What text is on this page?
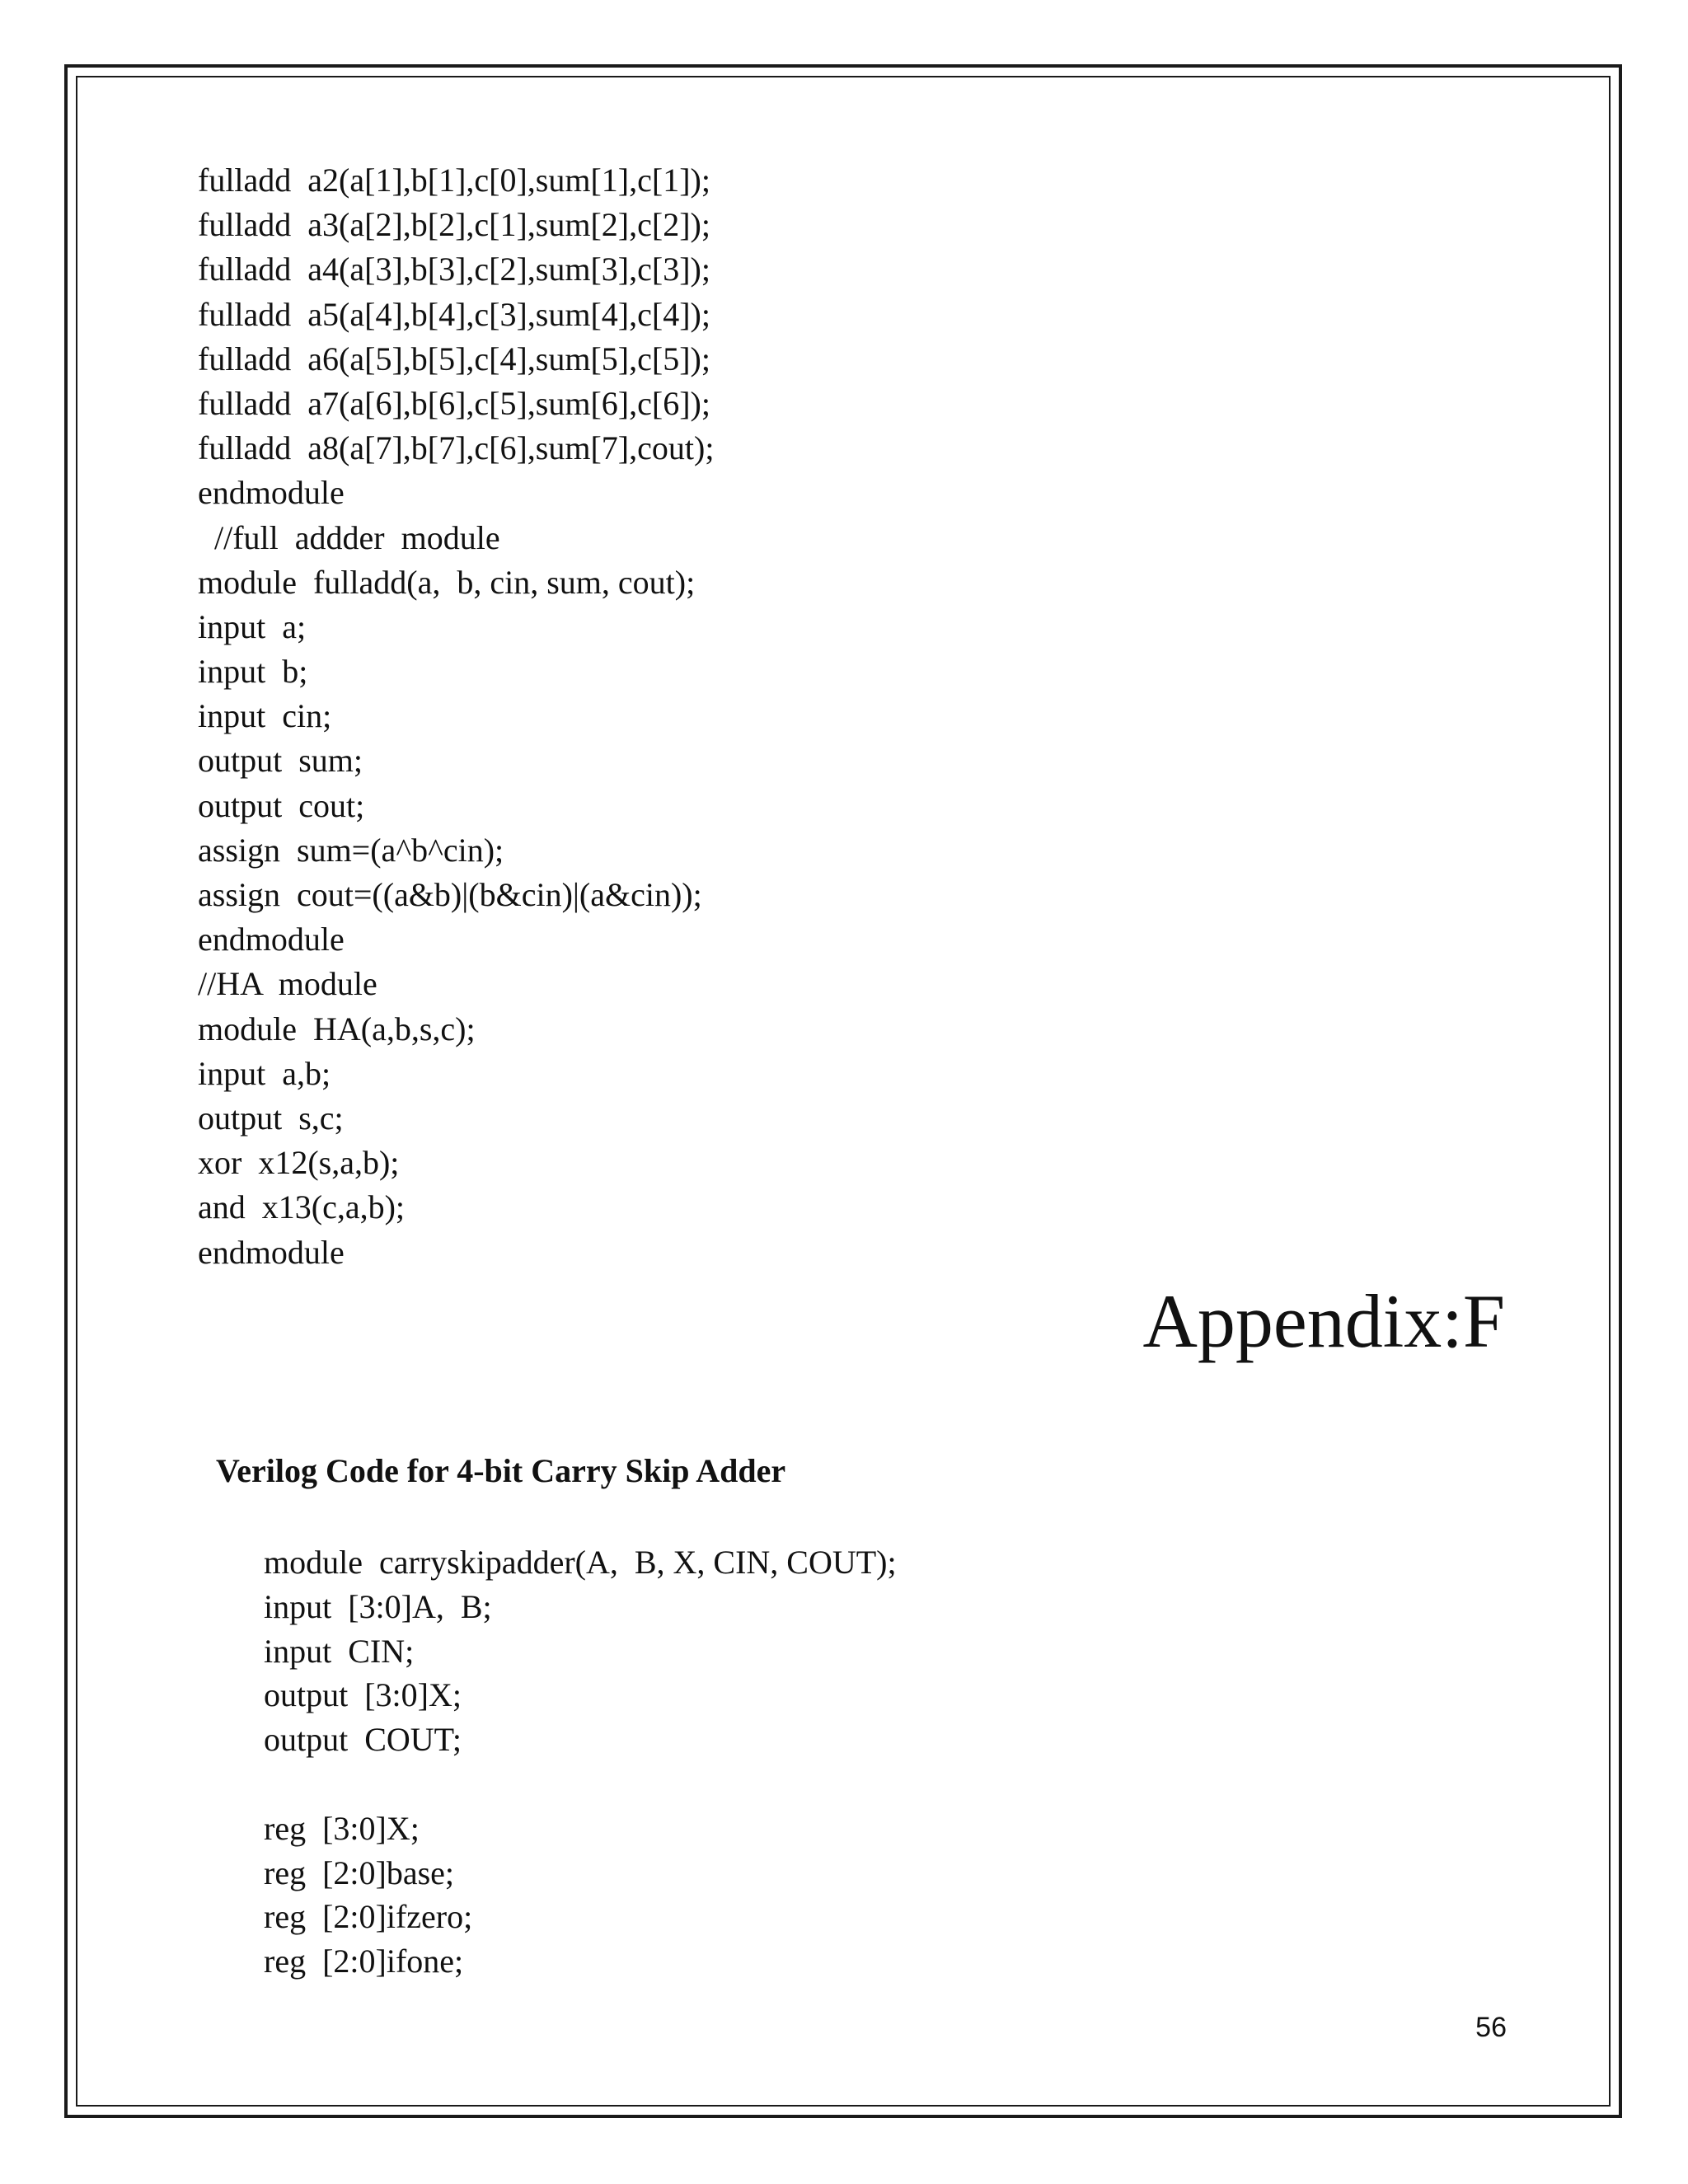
fulladd  a2(a[1],b[1],c[0],sum[1],c[1]);
fulladd  a3(a[2],b[2],c[1],sum[2],c[2]);
fulladd  a4(a[3],b[3],c[2],sum[3],c[3]);
fulladd  a5(a[4],b[4],c[3],sum[4],c[4]);
fulladd  a6(a[5],b[5],c[4],sum[5],c[5]);
fulladd  a7(a[6],b[6],c[5],sum[6],c[6]);
fulladd  a8(a[7],b[7],c[6],sum[7],cout);
endmodule
//full  addder  module
module  fulladd(a,  b, cin, sum, cout);
input  a;
input  b;
input  cin;
output  sum;
output  cout;
assign  sum=(a^b^cin);
assign  cout=((a&b)|(b&cin)|(a&cin));
endmodule
//HA  module
module  HA(a,b,s,c);
input  a,b;
output  s,c;
xor  x12(s,a,b);
and  x13(c,a,b);
endmodule
Appendix:F
Verilog Code for 4-bit Carry Skip Adder
module  carryskipadder(A,  B, X, CIN, COUT);
input  [3:0]A,  B;
input  CIN;
output  [3:0]X;
output  COUT;
reg  [3:0]X;
reg  [2:0]base;
reg  [2:0]ifzero;
reg  [2:0]ifone;
56
